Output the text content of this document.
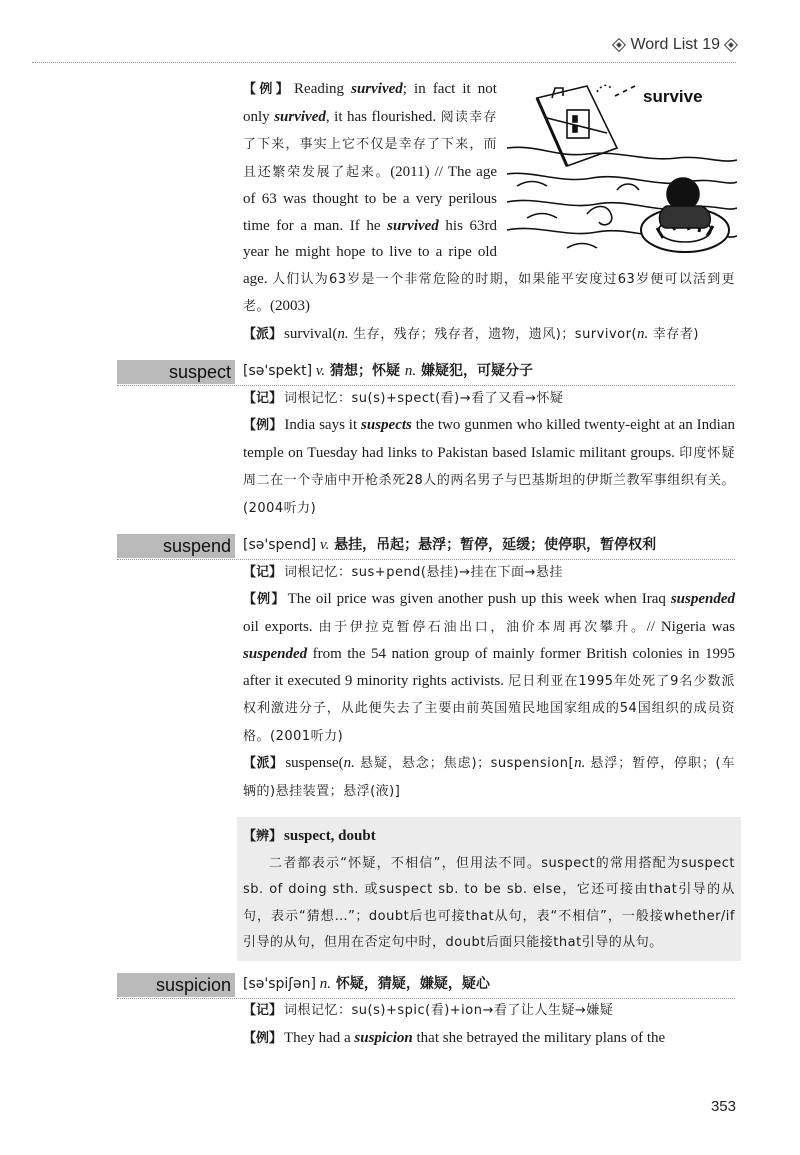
Word List 19
survive

【例】 Reading survived; in fact it not only survived, it has flourished. 阅读幸存了下来，事实上它不仅是幸存了下来，而且还繁荣发展了起来。(2011) // The age of 63 was thought to be a very perilous time for a man. If he survived his 63rd year he might hope to live to a ripe old age. 人们认为63岁是一个非常危险的时期，如果能平安度过63岁便可以活到更老。(2003)

【派】 survival(n. 生存，残存；残存者，遗物，遗风)；survivor(n. 幸存者)

suspect [sə'spekt] v. 猜想；怀疑 n. 嫌疑犯，可疑分子

【记】 词根记忆：su(s)+spect(看)→看了又看→怀疑

【例】 India says it suspects the two gunmen who killed twenty-eight at an Indian temple on Tuesday had links to Pakistan based Islamic militant groups. 印度怀疑周二在一个寺庙中开枪杀死28人的两名男子与巴基斯坦的伊斯兰教军事组织有关。(2004听力)

suspend [sə'spend] v. 悬挂，吊起；悬浮；暂停，延缓；使停职，暂停权利

【记】 词根记忆：sus+pend(悬挂)→挂在下面→悬挂

【例】 The oil price was given another push up this week when Iraq suspended oil exports. 由于伊拉克暂停石油出口，油价本周再次攀升。// Nigeria was suspended from the 54 nation group of mainly former British colonies in 1995 after it executed 9 minority rights activists. 尼日利亚在1995年处死了9名少数派权利激进分子，从此便失去了主要由前英国殖民地国家组成的54国组织的成员资格。(2001听力)

【派】 suspense(n. 悬疑，悬念；焦虑)；suspension[n. 悬浮；暂停，停职；(车辆的)悬挂装置；悬浮(液)]

【辨】 suspect, doubt

二者都表示“怀疑，不相信”，但用法不同。suspect的常用搭配为suspect sb. of doing sth. 或suspect sb. to be sb. else，它还可接由that引导的从句，表示“猜想…”；doubt后也可接that从句，表“不相信”，一般接whether/if引导的从句，但用在否定句中时，doubt后面只能接that引导的从句。

suspicion [sə'spiʃən] n. 怀疑，猜疑，嫌疑，疑心

【记】 词根记忆：su(s)+spic(看)+ion→看了让人生疑→嫌疑

【例】 They had a suspicion that she betrayed the military plans of the

353
